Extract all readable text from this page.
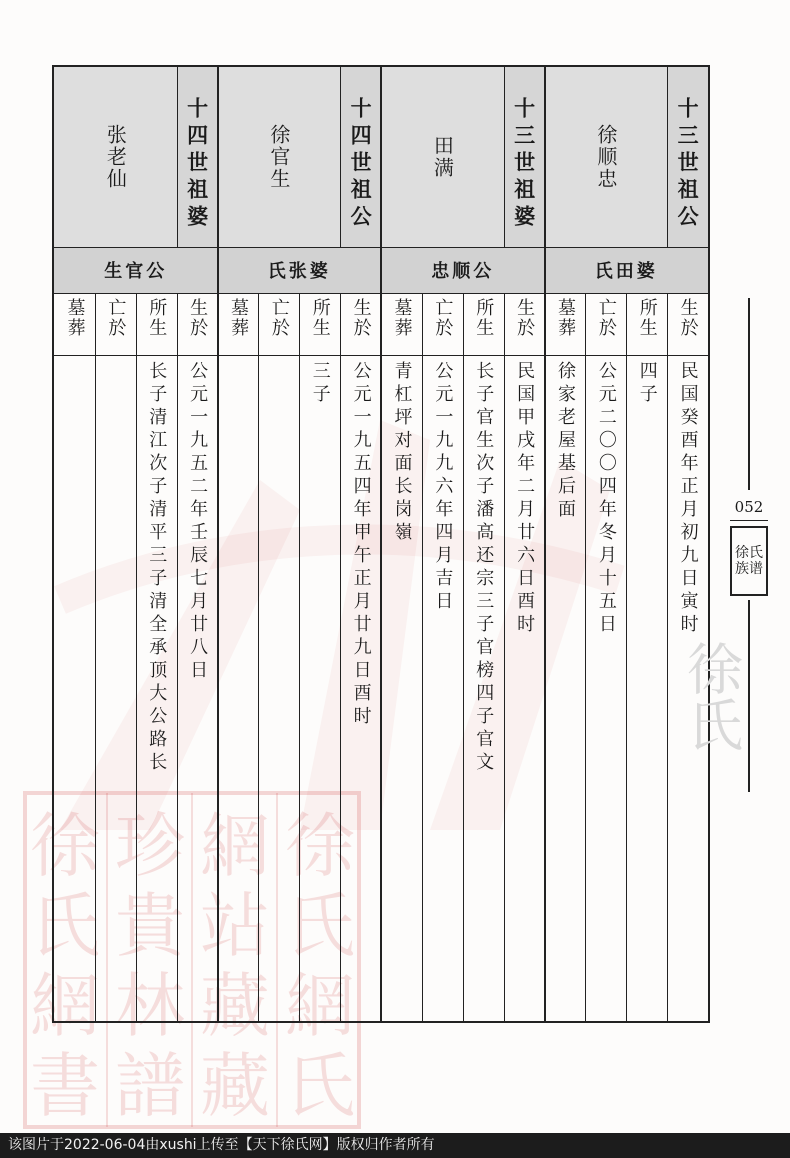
徐
氏
網
書
珍
貴
林
譜
網
站
藏
藏
徐
氏
網
氏
徐顺忠	十三世祖公
氏田婆
生於
民国癸酉年正月初九日寅时
所生
四子
亡於
公元二〇〇四年冬月十五日
墓葬
徐家老屋基后面
田满	十三世祖婆
忠顺公
生於
民国甲戌年二月廿六日酉时
所生
长子官生次子潘高还宗三子官榜四子官文
亡於
公元一九九六年四月吉日
墓葬
青杠坪对面长岗嶺
徐官生	十四世祖公
氏张婆
生於
公元一九五四年甲午正月廿九日酉时
所生
三子
亡於
墓葬
张老仙	十四世祖婆
生官公
生於
公元一九五二年壬辰七月廿八日
所生
长子清江次子清平三子清全承顶大公路长
亡於
墓葬
052
徐氏族谱
徐氏
该图片于2022-06-04由xushi上传至【天下徐氏网】版权归作者所有
